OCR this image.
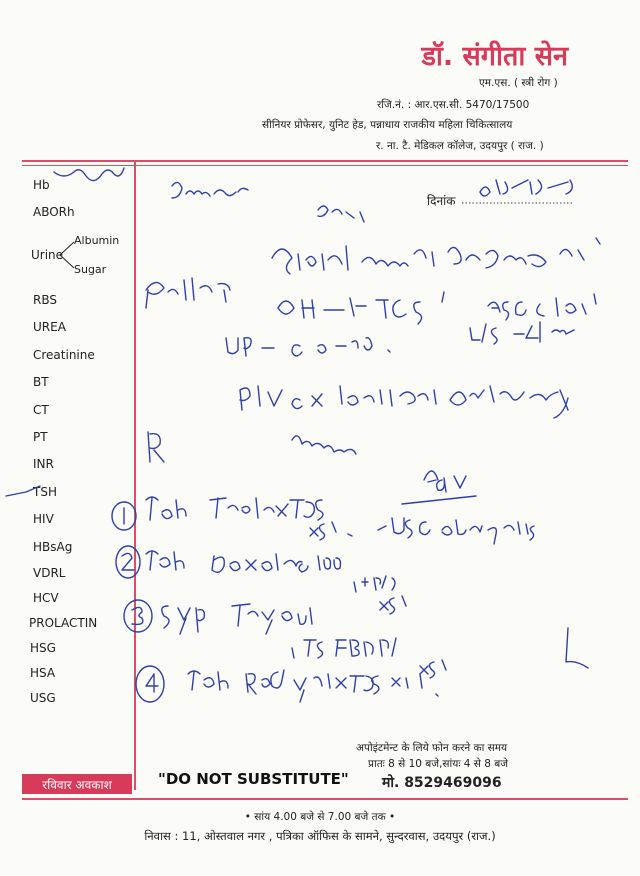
डॉ. संगीता सेन
एम.एस. ( स्त्री रोग )
रजि.नं. : आर.एस.सी. 5470/17500
सीनियर प्रोफेसर, युनिट हेड, पन्नाधाय राजकीय महिला चिकित्सालय
र. ना. टै. मेडिकल कॉलेज, उदयपुर ( राज. )
Hb
ABORh
Urine
Albumin
Sugar
RBS
UREA
Creatinine
BT
CT
PT
INR
TSH
HIV
HBsAg
VDRL
HCV
PROLACTIN
HSG
HSA
USG
दिनांक
अपोइंटमेन्ट के लिये फोन करने का समय
प्रातः 8 से 10 बजे,सांयः 4 से 8 बजे
रविवार अवकाश	"DO NOT SUBSTITUTE" मो. 8529469096
• सांय 4.00 बजे से 7.00 बजे तक •
निवास : 11, ओस्तवाल नगर , पत्रिका ऑफिस के सामने, सुन्दरवास, उदयपुर (राज.)
